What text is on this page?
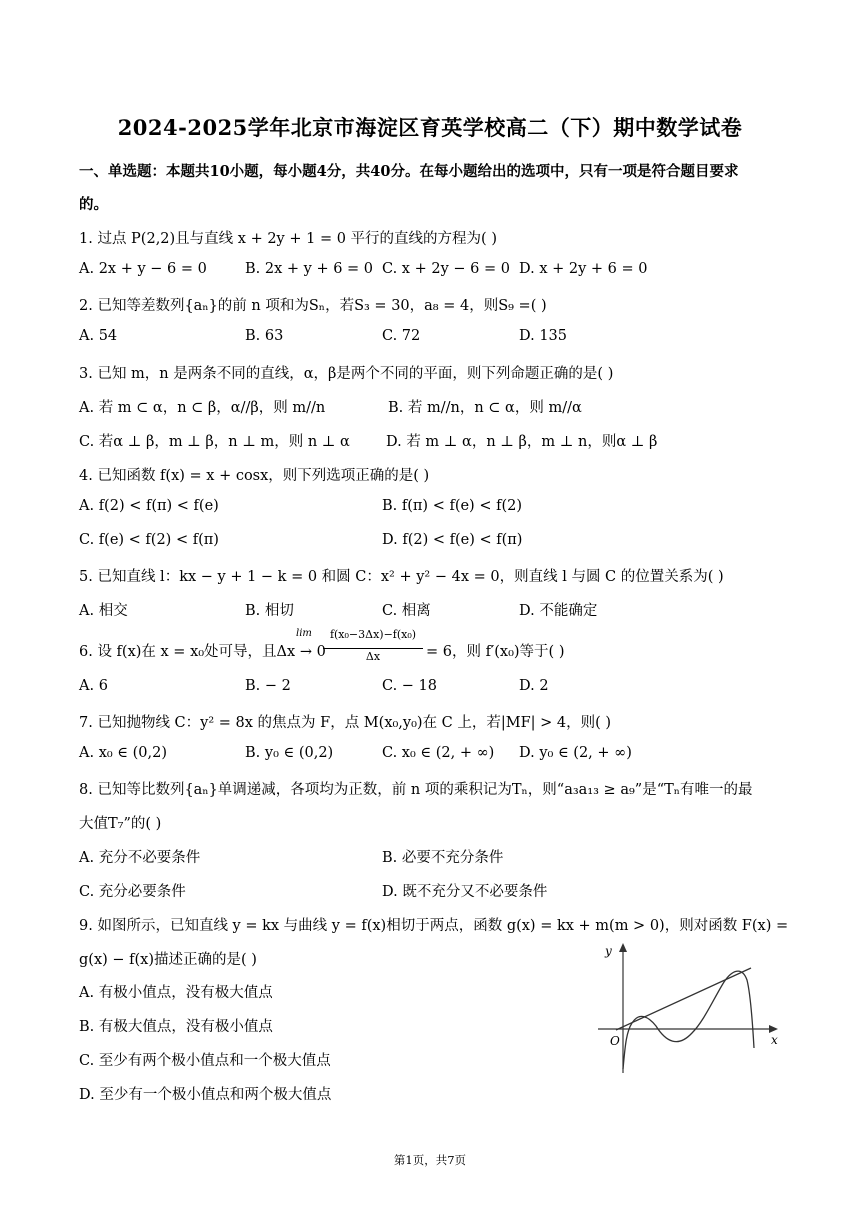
2024-2025学年北京市海淀区育英学校高二（下）期中数学试卷
一、单选题：本题共10小题，每小题4分，共40分。在每小题给出的选项中，只有一项是符合题目要求
的。
1. 过点 P(2,2)且与直线 x + 2y + 1 = 0 平行的直线的方程为( )
A. 2x + y − 6 = 0	B. 2x + y + 6 = 0 C. x + 2y − 6 = 0 D. x + 2y + 6 = 0
2. 已知等差数列{aₙ}的前 n 项和为Sₙ，若S₃ = 30，a₈ = 4，则S₉ =( )
A. 54	B. 63	C. 72	D. 135
3. 已知 m，n 是两条不同的直线，α，β是两个不同的平面，则下列命题正确的是( )
A. 若 m ⊂ α，n ⊂ β，α//β，则 m//n	B. 若 m//n，n ⊂ α，则 m//α
C. 若α ⊥ β，m ⊥ β，n ⊥ m，则 n ⊥ α D. 若 m ⊥ α，n ⊥ β，m ⊥ n，则α ⊥ β
4. 已知函数 f(x) = x + cosx，则下列选项正确的是( )
A. f(2) < f(π) < f(e)	B. f(π) < f(e) < f(2)
C. f(e) < f(2) < f(π)	D. f(2) < f(e) < f(π)
5. 已知直线 l：kx − y + 1 − k = 0 和圆 C：x² + y² − 4x = 0，则直线 l 与圆 C 的位置关系为( )
A. 相交	B. 相切	C. 相离	D. 不能确定
6. 设 f(x)在 x = x₀处可导，且Δx → 0
lim	f(x₀−3Δx)−f(x₀)
Δx	= 6，则 f′(x₀)等于( )
A. 6	B. − 2	C. − 18	D. 2
7. 已知抛物线 C：y² = 8x 的焦点为 F，点 M(x₀,y₀)在 C 上，若|MF| > 4，则( )
A. x₀ ∈ (0,2)	B. y₀ ∈ (0,2)	C. x₀ ∈ (2, + ∞) D. y₀ ∈ (2, + ∞)
8. 已知等比数列{aₙ}单调递减，各项均为正数，前 n 项的乘积记为Tₙ，则“a₃a₁₃ ≥ a₉”是“Tₙ有唯一的最
大值T₇”的( )
A. 充分不必要条件	B. 必要不充分条件
C. 充分必要条件	D. 既不充分又不必要条件
9. 如图所示，已知直线 y = kx 与曲线 y = f(x)相切于两点，函数 g(x) = kx + m(m > 0)，则对函数 F(x) =
g(x) − f(x)描述正确的是( )
A. 有极小值点，没有极大值点
B. 有极大值点，没有极小值点
C. 至少有两个极小值点和一个极大值点
D. 至少有一个极小值点和两个极大值点
y
x
O
第1页，共7页
